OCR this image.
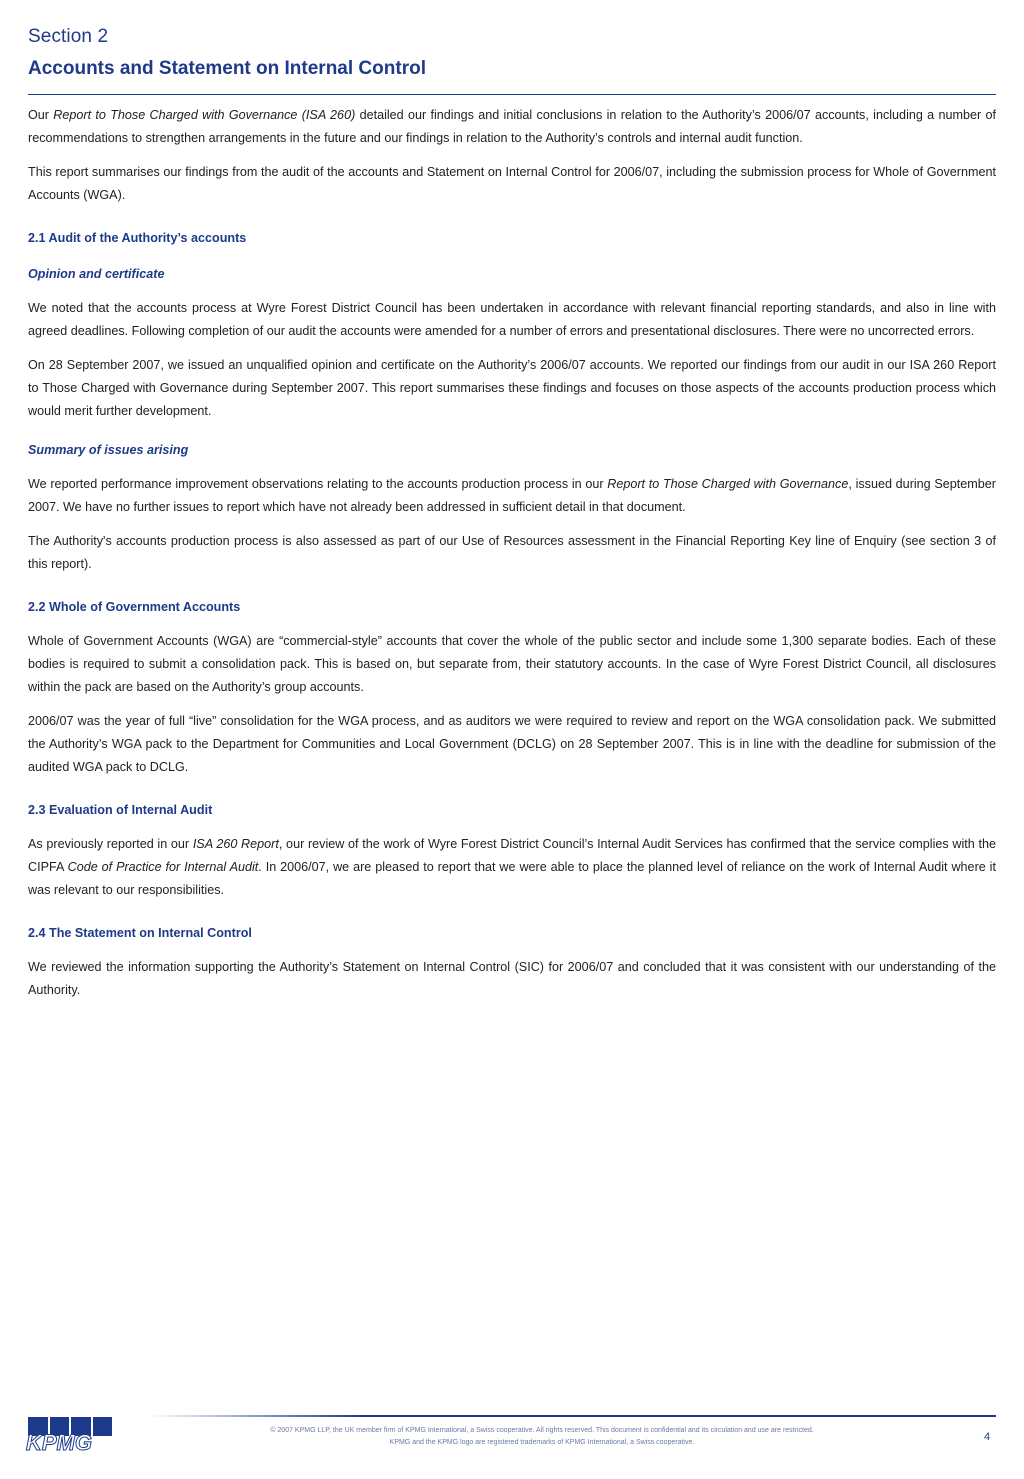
Section 2
Accounts and Statement on Internal Control

Our Report to Those Charged with Governance (ISA 260) detailed our findings and initial conclusions in relation to the Authority’s 2006/07 accounts, including a number of recommendations to strengthen arrangements in the future and our findings in relation to the Authority’s controls and internal audit function.

This report summarises our findings from the audit of the accounts and Statement on Internal Control for 2006/07, including the submission process for Whole of Government Accounts (WGA).

2.1 Audit of the Authority’s accounts
Opinion and certificate

We noted that the accounts process at Wyre Forest District Council has been undertaken in accordance with relevant financial reporting standards, and also in line with agreed deadlines. Following completion of our audit the accounts were amended for a number of errors and presentational disclosures. There were no uncorrected errors.

On 28 September 2007, we issued an unqualified opinion and certificate on the Authority’s 2006/07 accounts. We reported our findings from our audit in our ISA 260 Report to Those Charged with Governance during September 2007. This report summarises these findings and focuses on those aspects of the accounts production process which would merit further development.

Summary of issues arising

We reported performance improvement observations relating to the accounts production process in our Report to Those Charged with Governance, issued during September 2007. We have no further issues to report which have not already been addressed in sufficient detail in that document.

The Authority's accounts production process is also assessed as part of our Use of Resources assessment in the Financial Reporting Key line of Enquiry (see section 3 of this report).

2.2 Whole of Government Accounts

Whole of Government Accounts (WGA) are “commercial-style” accounts that cover the whole of the public sector and include some 1,300 separate bodies. Each of these bodies is required to submit a consolidation pack. This is based on, but separate from, their statutory accounts. In the case of Wyre Forest District Council, all disclosures within the pack are based on the Authority’s group accounts.

2006/07 was the year of full “live” consolidation for the WGA process, and as auditors we were required to review and report on the WGA consolidation pack. We submitted the Authority’s WGA pack to the Department for Communities and Local Government (DCLG) on 28 September 2007. This is in line with the deadline for submission of the audited WGA pack to DCLG.

2.3 Evaluation of Internal Audit

As previously reported in our ISA 260 Report, our review of the work of Wyre Forest District Council’s Internal Audit Services has confirmed that the service complies with the CIPFA Code of Practice for Internal Audit. In 2006/07, we are pleased to report that we were able to place the planned level of reliance on the work of Internal Audit where it was relevant to our responsibilities.

2.4 The Statement on Internal Control

We reviewed the information supporting the Authority’s Statement on Internal Control (SIC) for 2006/07 and concluded that it was consistent with our understanding of the Authority.

KPMG	© 2007 KPMG LLP, the UK member firm of KPMG International, a Swiss cooperative. All rights reserved. This document is confidential and its circulation and use are restricted.
KPMG and the KPMG logo are registered trademarks of KPMG International, a Swiss cooperative.	4
